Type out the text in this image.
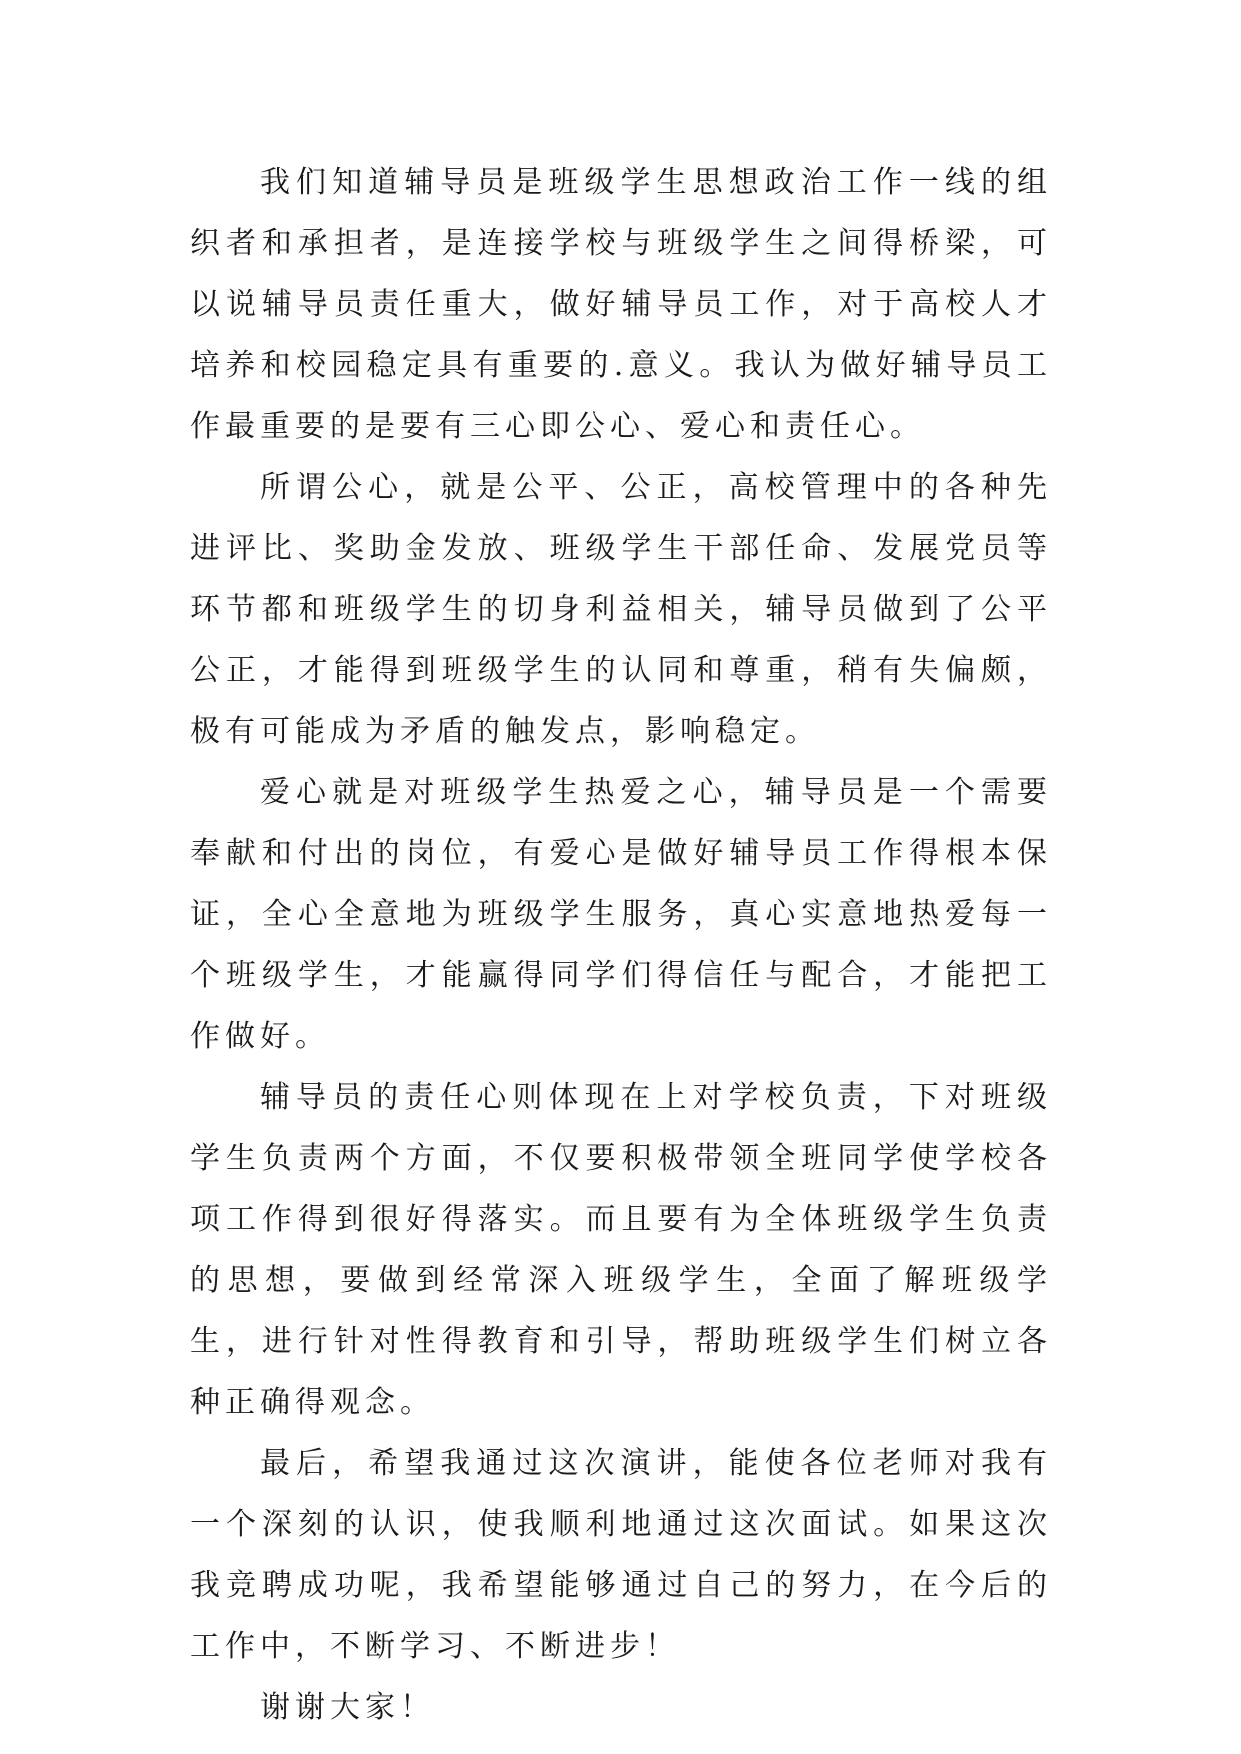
我们知道辅导员是班级学生思想政治工作一线的组织者和承担者，是连接学校与班级学生之间得桥梁，可以说辅导员责任重大，做好辅导员工作，对于高校人才培养和校园稳定具有重要的.意义。我认为做好辅导员工作最重要的是要有三心即公心、爱心和责任心。

所谓公心，就是公平、公正，高校管理中的各种先进评比、奖助金发放、班级学生干部任命、发展党员等环节都和班级学生的切身利益相关，辅导员做到了公平公正，才能得到班级学生的认同和尊重，稍有失偏颇，极有可能成为矛盾的触发点，影响稳定。

爱心就是对班级学生热爱之心，辅导员是一个需要奉献和付出的岗位，有爱心是做好辅导员工作得根本保证，全心全意地为班级学生服务，真心实意地热爱每一个班级学生，才能赢得同学们得信任与配合，才能把工作做好。

辅导员的责任心则体现在上对学校负责，下对班级学生负责两个方面，不仅要积极带领全班同学使学校各项工作得到很好得落实。而且要有为全体班级学生负责的思想，要做到经常深入班级学生，全面了解班级学生，进行针对性得教育和引导，帮助班级学生们树立各种正确得观念。

最后，希望我通过这次演讲，能使各位老师对我有一个深刻的认识，使我顺利地通过这次面试。如果这次我竞聘成功呢，我希望能够通过自己的努力，在今后的工作中，不断学习、不断进步！

谢谢大家！
